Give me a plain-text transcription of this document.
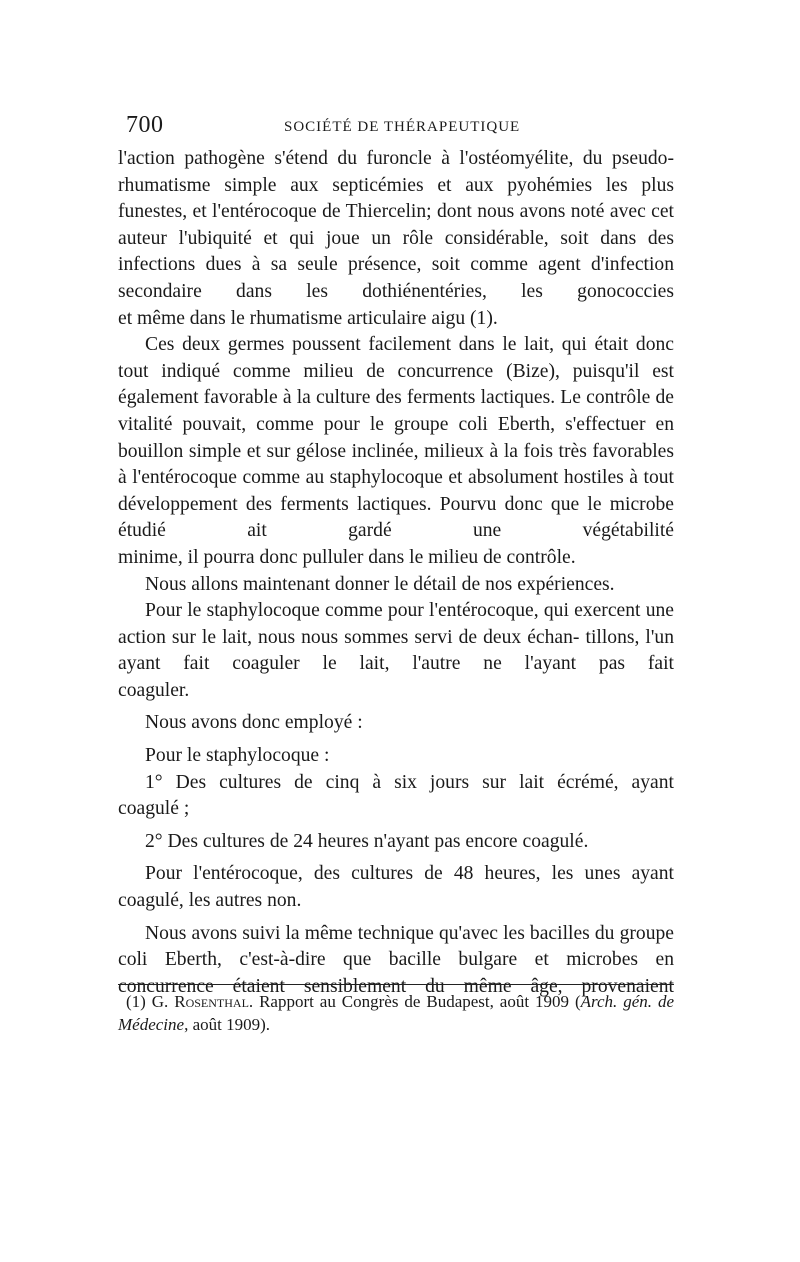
700	SOCIÉTÉ DE THÉRAPEUTIQUE

l'action pathogène s'étend du furoncle à l'ostéomyélite, du pseudo- rhumatisme simple aux septicémies et aux pyohémies les plus funestes, et l'entérocoque de Thiercelin; dont nous avons noté avec cet auteur l'ubiquité et qui joue un rôle considérable, soit dans des infections dues à sa seule présence, soit comme agent d'infection secondaire dans les dothiénentéries, les gonococcies

et même dans le rhumatisme articulaire aigu (1).

Ces deux germes poussent facilement dans le lait, qui était donc tout indiqué comme milieu de concurrence (Bize), puisqu'il est également favorable à la culture des ferments lactiques. Le contrôle de vitalité pouvait, comme pour le groupe coli Eberth, s'effectuer en bouillon simple et sur gélose inclinée, milieux à la fois très favorables à l'entérocoque comme au staphylocoque et absolument hostiles à tout développement des ferments lactiques. Pourvu donc que le microbe étudié ait gardé une végétabilité

minime, il pourra donc pulluler dans le milieu de contrôle.

Nous allons maintenant donner le détail de nos expériences.

Pour le staphylocoque comme pour l'entérocoque, qui exercent une action sur le lait, nous nous sommes servi de deux échan- tillons, l'un ayant fait coaguler le lait, l'autre ne l'ayant pas fait

coaguler.

Nous avons donc employé :

Pour le staphylocoque :

1° Des cultures de cinq à six jours sur lait écrémé, ayant

coagulé ;

2° Des cultures de 24 heures n'ayant pas encore coagulé.

Pour l'entérocoque, des cultures de 48 heures, les unes ayant

coagulé, les autres non.

Nous avons suivi la même technique qu'avec les bacilles du groupe coli Eberth, c'est-à-dire que bacille bulgare et microbes en concurrence étaient sensiblement du même âge, provenaient

(1) G. Rosenthal. Rapport au Congrès de Budapest, août 1909 (Arch. gén. de Médecine, août 1909).
